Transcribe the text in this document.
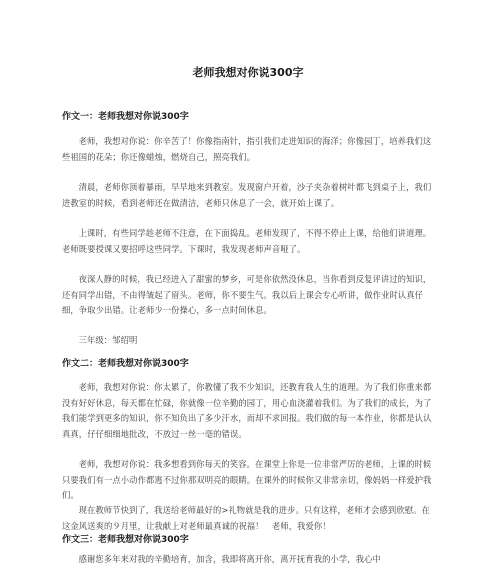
老师我想对你说300字
作文一：老师我想对你说300字

老师，我想对你说：你辛苦了！你像指南针，指引我们走进知识的海洋；你像园丁，培养我们这些祖国的花朵；你还像蜡烛，燃烧自己，照亮我们。

清晨，老师你顶着暴雨，早早地来到教室。发现窗户开着，沙子夹杂着树叶都飞到桌子上，我们进教室的时候，看到老师还在做清洁，老师只休息了一会，就开始上课了。

上课时，有些同学趁老师不注意，在下面捣乱。老师发现了，不得不停止上课，给他们讲道理。老师既要授课又要招呼这些同学。下课时，我发现老师声音哑了。

夜深人静的时候，我已经进入了甜蜜的梦乡，可是你依然没休息，当你看到反复评讲过的知识，还有同学出错，不由得皱起了眉头。老师，你不要生气。我以后上课会专心听讲，做作业时认真仔细，争取少出错。让老师少一份操心，多一点时间休息。

三年级：邹绍明

作文二：老师我想对你说300字

老师，我想对你说：你太累了，你教懂了我不少知识，还教育我人生的道理。为了我们你重来都没有好好休息，每天都在忙碌，你就像一位辛勤的园丁，用心血浇灌着我们。为了我们的成长，为了我们能学到更多的知识，你不知负出了多少汗水，而却不求回报。我们做的每一本作业，你都是认认真真，仔仔细细地批改，不放过一丝一毫的错误。

老师，我想对你说：我多想看到你每天的笑容。在课堂上你是一位非常严厉的老师，上课的时候只要我们有一点小动作都逃不过你那双明亮的眼睛。在课外的时候你又非常亲切，像妈妈一样爱护我们。

现在教师节快到了，我送给老师最好的>礼物就是我的进步。只有这样，老师才会感到欣慰。在这金风送爽的９月里，让我献上对老师最真诚的祝福！　老师，我爱你！

作文三：老师我想对你说300字

感谢您多年来对我的辛勤培育，加含，我即将离开你，离开抚育我的小学，我心中
